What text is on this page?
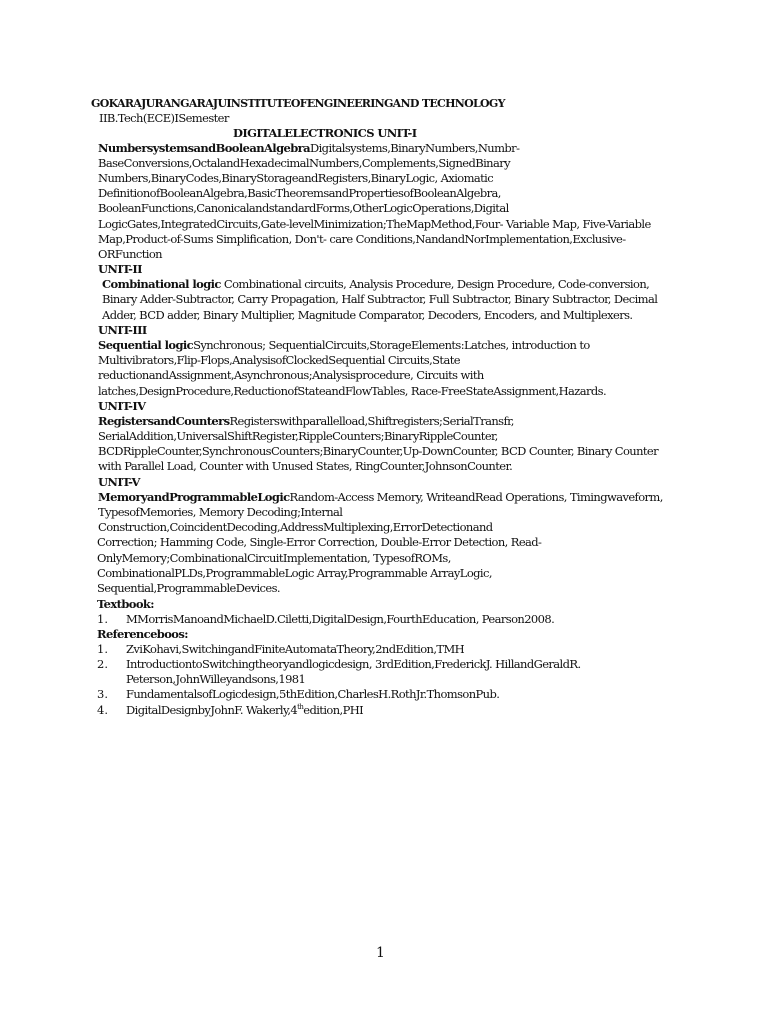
GOKARAJURANGARAJUINSTITUTEOFENGINEERINGAND TECHNOLOGY
IIB.Tech(ECE)ISemester
DIGITALELECTRONICS UNIT-I
NumbersystemsandBooleanAlgebraDigitalsystems,BinaryNumbers,Numbr-
BaseConversions,OctalandHexadecimalNumbers,Complements,SignedBinary
Numbers,BinaryCodes,BinaryStorageandRegisters,BinaryLogic, Axiomatic
DefinitionofBooleanAlgebra,BasicTheoremsandPropertiesofBooleanAlgebra,
BooleanFunctions,CanonicalandstandardForms,OtherLogicOperations,Digital
LogicGates,IntegratedCircuits,Gate-levelMinimization;TheMapMethod,Four- Variable Map, Five-Variable
Map,Product-of-Sums Simplification, Don't- care Conditions,NandandNorImplementation,Exclusive-
ORFunction
UNIT-II
Combinational logic Combinational circuits, Analysis Procedure, Design Procedure, Code-conversion,
Binary Adder-Subtractor, Carry Propagation, Half Subtractor, Full Subtractor, Binary Subtractor, Decimal
Adder, BCD adder, Binary Multiplier, Magnitude Comparator, Decoders, Encoders, and Multiplexers.
UNIT-III
Sequential logicSynchronous; SequentialCircuits,StorageElements:Latches, introduction to
Multivibrators,Flip-Flops,AnalysisofClockedSequential Circuits,State
reductionandAssignment,Asynchronous;Analysisprocedure, Circuits with
latches,DesignProcedure,ReductionofStateandFlowTables, Race-FreeStateAssignment,Hazards.
UNIT-IV
RegistersandCountersRegisterswithparallelload,Shiftregisters;SerialTransfr,
SerialAddition,UniversalShiftRegister,RippleCounters;BinaryRippleCounter,
BCDRippleCounter,SynchronousCounters;BinaryCounter,Up-DownCounter, BCD Counter, Binary Counter
with Parallel Load, Counter with Unused States, RingCounter,JohnsonCounter.
UNIT-V
MemoryandProgrammableLogicRandom-Access Memory, WriteandRead Operations, Timingwaveform,
TypesofMemories, Memory Decoding;Internal
Construction,CoincidentDecoding,AddressMultiplexing,ErrorDetectionand
Correction; Hamming Code, Single-Error Correction, Double-Error Detection, Read-
OnlyMemory;CombinationalCircuitImplementation, TypesofROMs,
CombinationalPLDs,ProgrammableLogic Array,Programmable ArrayLogic,
Sequential,ProgrammableDevices.
Textbook:
1. MMorrisManoandMichaelD.Ciletti,DigitalDesign,FourthEducation, Pearson2008.
Referenceboos:
1. ZviKohavi,SwitchingandFiniteAutomataTheory,2ndEdition,TMH
2. IntroductiontoSwitchingtheoryandlogicdesign, 3rdEdition,FrederickJ. HillandGeraldR.
Peterson,JohnWilleyandsons,1981
3. FundamentalsofLogicdesign,5thEdition,CharlesH.RothJr.ThomsonPub.
4. DigitalDesignbyJohnF. Wakerly,4thedition,PHI
1
